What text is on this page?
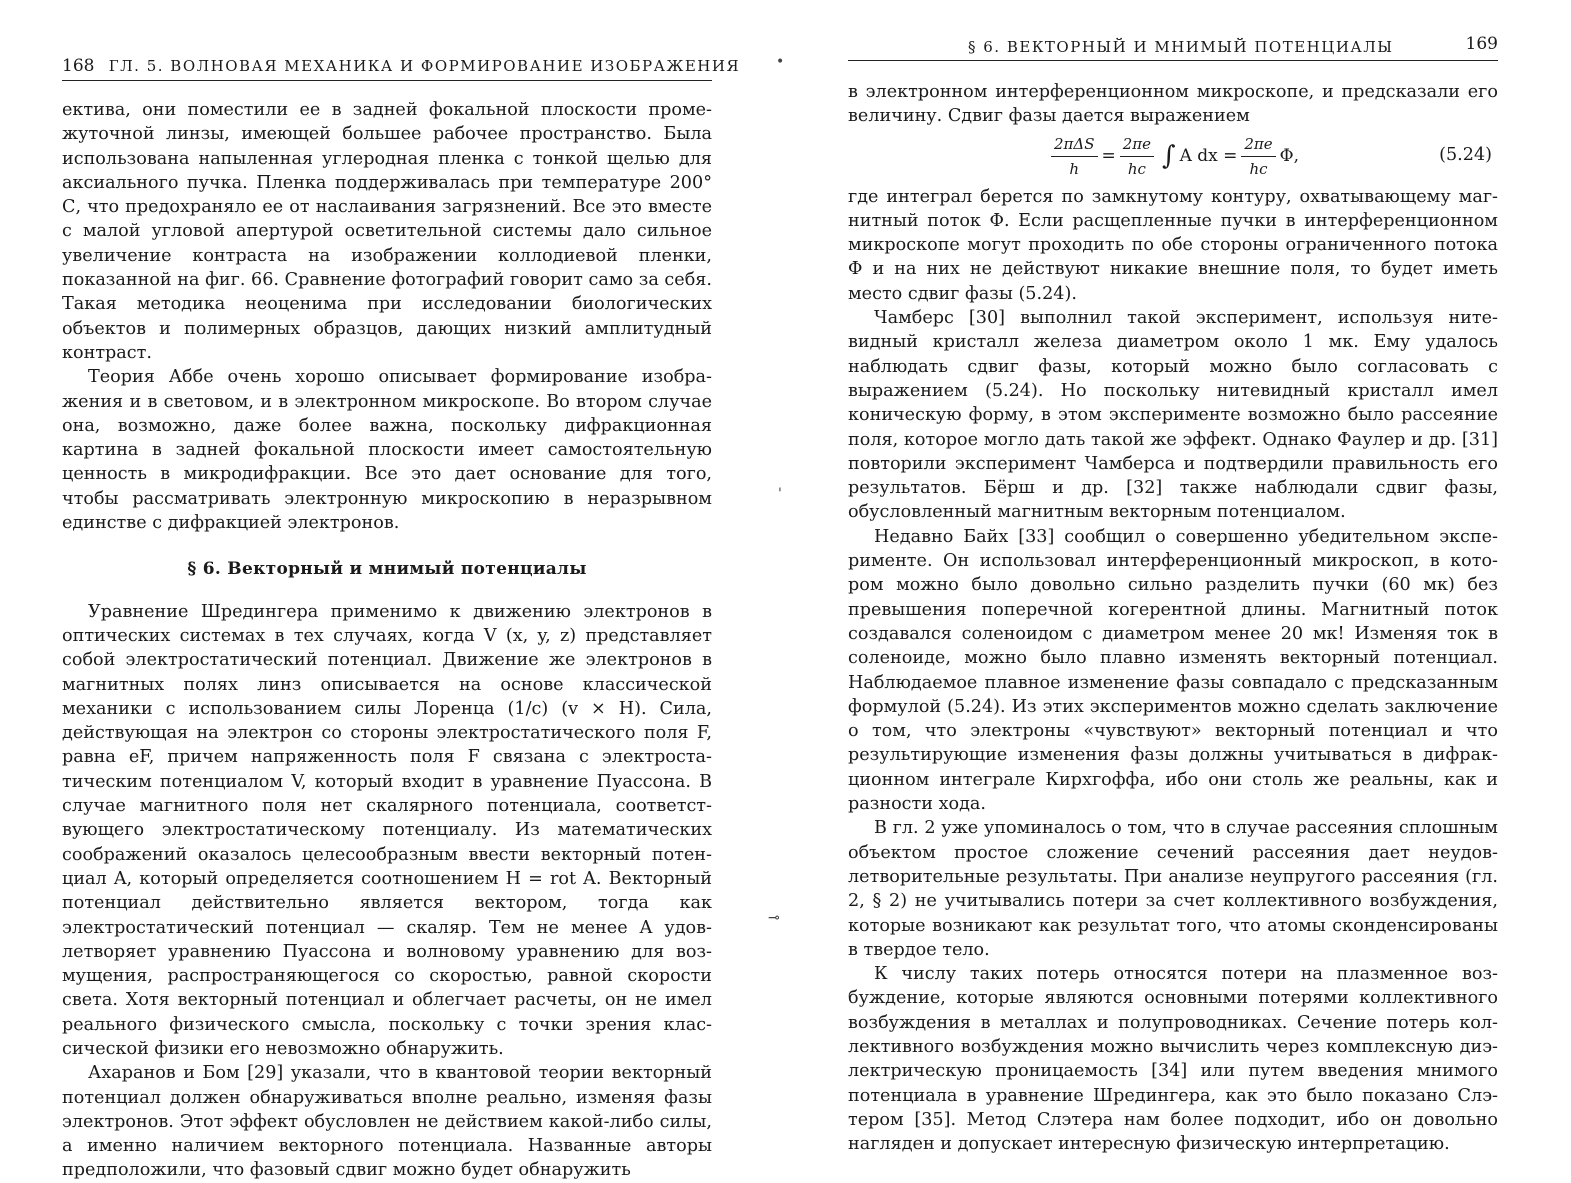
168 ГЛ. 5. ВОЛНОВАЯ МЕХАНИКА И ФОРМИРОВАНИЕ ИЗОБРАЖЕНИЯ

ектива, они поместили ее в задней фокальной плоскости промежуточной линзы, имеющей большее рабочее пространство. Была использована напыленная углеродная пленка с тонкой щелью для аксиального пучка. Пленка поддерживалась при температуре 200° С, что предохраняло ее от наслаивания загрязнений. Все это вместе с малой угловой апертурой осветительной системы дало сильное увеличение контраста на изображении коллодиевой пленки, показанной на фиг. 66. Сравнение фотографий говорит само за себя. Такая методика неоценима при исследовании биологических объектов и полимерных образцов, дающих низкий амплитудный контраст.

Теория Аббе очень хорошо описывает формирование изображения и в световом, и в электронном микроскопе. Во втором случае она, возможно, даже более важна, поскольку дифракционная картина в задней фокальной плоскости имеет самостоятельную ценность в микродифракции. Все это дает основание для того, чтобы рассматривать электронную микроскопию в неразрывном единстве с дифракцией электронов.

§ 6. Векторный и мнимый потенциалы

Уравнение Шредингера применимо к движению электронов в оптических системах в тех случаях, когда V (x, y, z) представляет собой электростатический потенциал. Движение же электронов в магнитных полях линз описывается на основе классической механики с использованием силы Лоренца (1/c) (v × H). Сила, действующая на электрон со стороны электростатического поля F, равна eF, причем напряженность поля F связана с электростатическим потенциалом V, который входит в уравнение Пуассона. В случае магнитного поля нет скалярного потенциала, соответствующего электростатическому потенциалу. Из математических соображений оказалось целесообразным ввести векторный потенциал A, который определяется соотношением H = rot A. Векторный потенциал действительно является вектором, тогда как электростатический потенциал — скаляр. Тем не менее A удовлетворяет уравнению Пуассона и волновому уравнению для возмущения, распространяющегося со скоростью, равной скорости света. Хотя векторный потенциал и облегчает расчеты, он не имел реального физического смысла, поскольку с точки зрения классической физики его невозможно обнаружить.

Ахаранов и Бом [29] указали, что в квантовой теории векторный потенциал должен обнаруживаться вполне реально, изменяя фазы электронов. Этот эффект обусловлен не действием какой-либо силы, а именно наличием векторного потенциала. Названные авторы предположили, что фазовый сдвиг можно будет обнаружить

•
'
⊸
§ 6. ВЕКТОРНЫЙ И МНИМЫЙ ПОТЕНЦИАЛЫ	169

в электронном интерференционном микроскопе, и предсказали его величину. Сдвиг фазы дается выражением

$\frac{\text{2πΔS}}{h} = \frac{2\pi e}{hc}$ ∫ A dx = $\frac{2\pi e}{hc} \Phi$,	(5.24)

где интеграл берется по замкнутому контуру, охватывающему магнитный поток Φ. Если расщепленные пучки в интерференционном микроскопе могут проходить по обе стороны ограниченного потока Φ и на них не действуют никакие внешние поля, то будет иметь место сдвиг фазы (5.24).

Чамберс [30] выполнил такой эксперимент, используя нитевидный кристалл железа диаметром около 1 мк. Ему удалось наблюдать сдвиг фазы, который можно было согласовать с выражением (5.24). Но поскольку нитевидный кристалл имел коническую форму, в этом эксперименте возможно было рассеяние поля, которое могло дать такой же эффект. Однако Фаулер и др. [31] повторили эксперимент Чамберса и подтвердили правильность его результатов. Бёрш и др. [32] также наблюдали сдвиг фазы, обусловленный магнитным векторным потенциалом.

Недавно Байх [33] сообщил о совершенно убедительном эксперименте. Он использовал интерференционный микроскоп, в котором можно было довольно сильно разделить пучки (60 мк) без превышения поперечной когерентной длины. Магнитный поток создавался соленоидом с диаметром менее 20 мк! Изменяя ток в соленоиде, можно было плавно изменять векторный потенциал. Наблюдаемое плавное изменение фазы совпадало с предсказанным формулой (5.24). Из этих экспериментов можно сделать заключение о том, что электроны «чувствуют» векторный потенциал и что результирующие изменения фазы должны учитываться в дифракционном интеграле Кирхгоффа, ибо они столь же реальны, как и разности хода.

В гл. 2 уже упоминалось о том, что в случае рассеяния сплошным объектом простое сложение сечений рассеяния дает неудовлетворительные результаты. При анализе неупругого рассеяния (гл. 2, § 2) не учитывались потери за счет коллективного возбуждения, которые возникают как результат того, что атомы сконденсированы в твердое тело.

К числу таких потерь относятся потери на плазменное возбуждение, которые являются основными потерями коллективного возбуждения в металлах и полупроводниках. Сечение потерь коллективного возбуждения можно вычислить через комплексную диэлектрическую проницаемость [34] или путем введения мнимого потенциала в уравнение Шредингера, как это было показано Слэтером [35]. Метод Слэтера нам более подходит, ибо он довольно нагляден и допускает интересную физическую интерпретацию.
